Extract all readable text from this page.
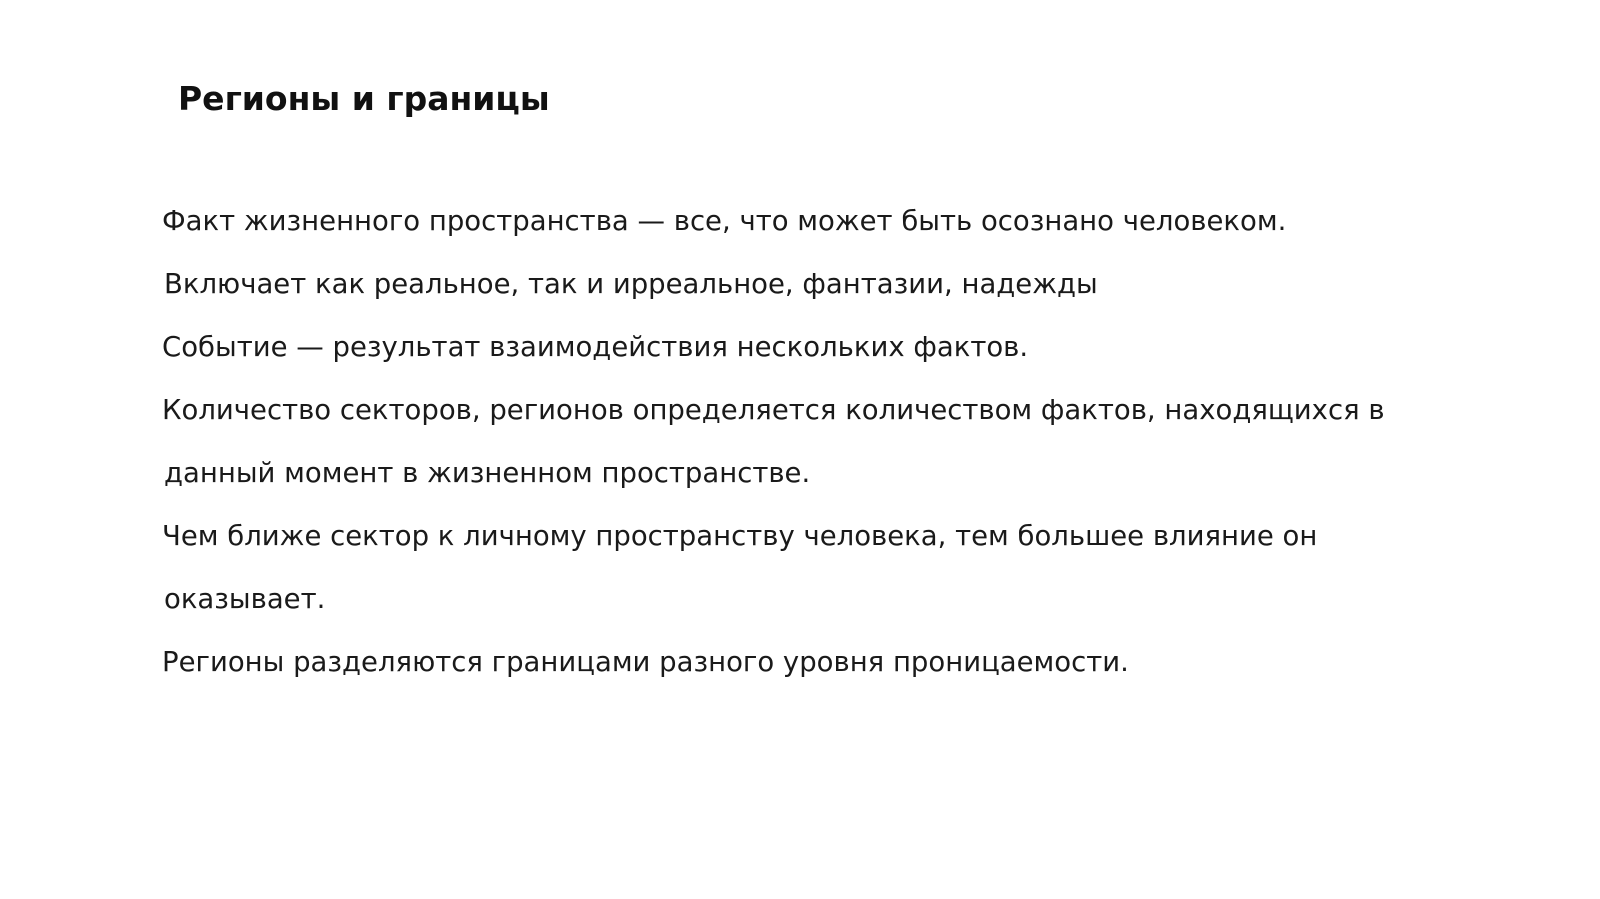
Регионы и границы

Факт жизненного пространства — все, что может быть осознано человеком.

Включает как реальное, так и ирреальное, фантазии, надежды

Событие — результат взаимодействия нескольких фактов.

Количество секторов, регионов определяется количеством фактов, находящихся в

данный момент в жизненном пространстве.

Чем ближе сектор к личному пространству человека, тем большее влияние он

оказывает.

Регионы разделяются границами разного уровня проницаемости.
